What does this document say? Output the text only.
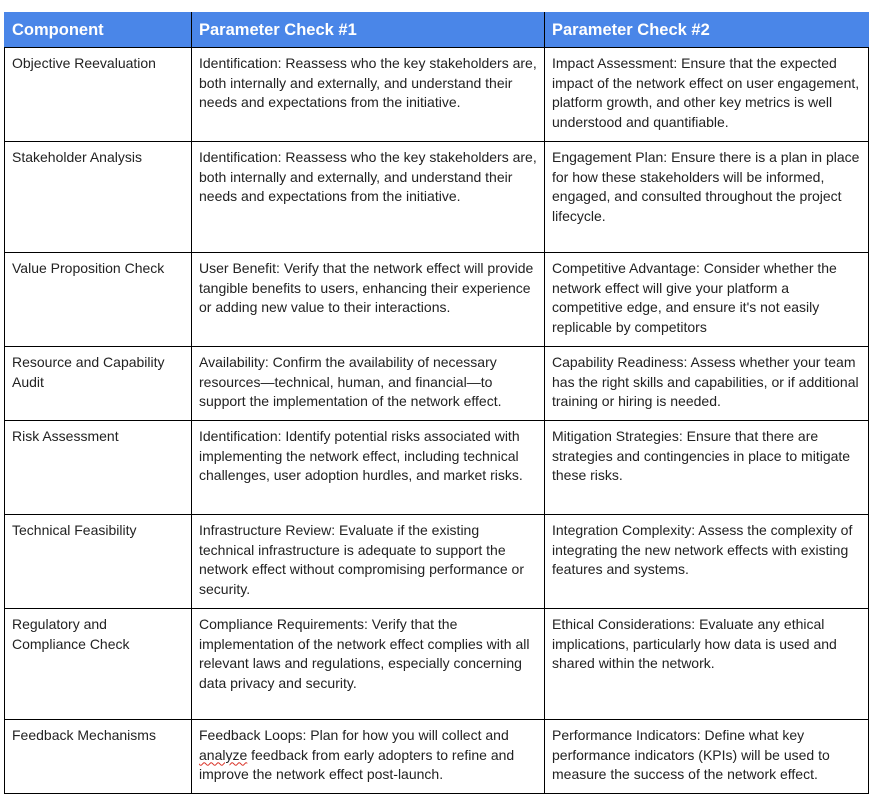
Component	Parameter Check #1	Parameter Check #2
Objective Reevaluation	Identification: Reassess who the key stakeholders are, both internally and externally, and understand their needs and expectations from the initiative.	Impact Assessment: Ensure that the expected impact of the network effect on user engagement, platform growth, and other key metrics is well understood and quantifiable.
Stakeholder Analysis	Identification: Reassess who the key stakeholders are, both internally and externally, and understand their needs and expectations from the initiative.	Engagement Plan: Ensure there is a plan in place for how these stakeholders will be informed, engaged, and consulted throughout the project lifecycle.
Value Proposition Check	User Benefit: Verify that the network effect will provide tangible benefits to users, enhancing their experience or adding new value to their interactions.	Competitive Advantage: Consider whether the network effect will give your platform a competitive edge, and ensure it's not easily replicable by competitors
Resource and Capability Audit	Availability: Confirm the availability of necessary resources—technical, human, and financial—to support the implementation of the network effect.	Capability Readiness: Assess whether your team has the right skills and capabilities, or if additional training or hiring is needed.
Risk Assessment	Identification: Identify potential risks associated with implementing the network effect, including technical challenges, user adoption hurdles, and market risks.	Mitigation Strategies: Ensure that there are strategies and contingencies in place to mitigate these risks.
Technical Feasibility	Infrastructure Review: Evaluate if the existing technical infrastructure is adequate to support the network effect without compromising performance or security.	Integration Complexity: Assess the complexity of integrating the new network effects with existing features and systems.
Regulatory and Compliance Check	Compliance Requirements: Verify that the implementation of the network effect complies with all relevant laws and regulations, especially concerning data privacy and security.	Ethical Considerations: Evaluate any ethical implications, particularly how data is used and shared within the network.
Feedback Mechanisms	Feedback Loops: Plan for how you will collect and analyze feedback from early adopters to refine and improve the network effect post-launch.	Performance Indicators: Define what key performance indicators (KPIs) will be used to measure the success of the network effect.
